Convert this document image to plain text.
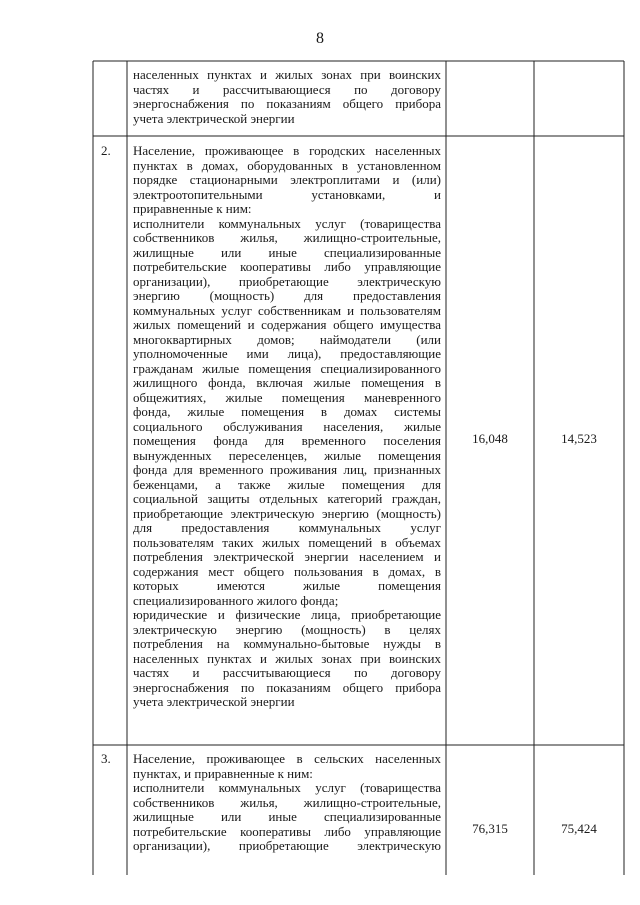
8
населенных пунктах и жилых зонах при воинских
частях и рассчитывающиеся по договору
энергоснабжения по показаниям общего прибора
учета электрической энергии
2. Население, проживающее в городских населенных
пунктах в домах, оборудованных в установленном
порядке стационарными электроплитами и (или)
электроотопительными установками, и
приравненные к ним:
исполнители коммунальных услуг (товарищества
собственников жилья, жилищно-строительные,
жилищные или иные специализированные
потребительские кооперативы либо управляющие
организации), приобретающие электрическую
энергию (мощность) для предоставления
коммунальных услуг собственникам и пользователям
жилых помещений и содержания общего имущества
многоквартирных домов; наймодатели (или
уполномоченные ими лица), предоставляющие
гражданам жилые помещения специализированного
жилищного фонда, включая жилые помещения в
общежитиях, жилые помещения маневренного
фонда, жилые помещения в домах системы
социального обслуживания населения, жилые
помещения фонда для временного поселения
вынужденных переселенцев, жилые помещения
фонда для временного проживания лиц, признанных
беженцами, а также жилые помещения для
социальной защиты отдельных категорий граждан,
приобретающие электрическую энергию (мощность)
для предоставления коммунальных услуг
пользователям таких жилых помещений в объемах
потребления электрической энергии населением и
содержания мест общего пользования в домах, в
которых имеются жилые помещения
специализированного жилого фонда;
юридические и физические лица, приобретающие
электрическую энергию (мощность) в целях
потребления на коммунально-бытовые нужды в
населенных пунктах и жилых зонах при воинских
частях и рассчитывающиеся по договору
энергоснабжения по показаниям общего прибора
учета электрической энергии
16,048	14,523
3. Население, проживающее в сельских населенных
пунктах, и приравненные к ним:
исполнители коммунальных услуг (товарищества
собственников жилья, жилищно-строительные,
жилищные или иные специализированные
потребительские кооперативы либо управляющие
организации), приобретающие электрическую
76,315	75,424
